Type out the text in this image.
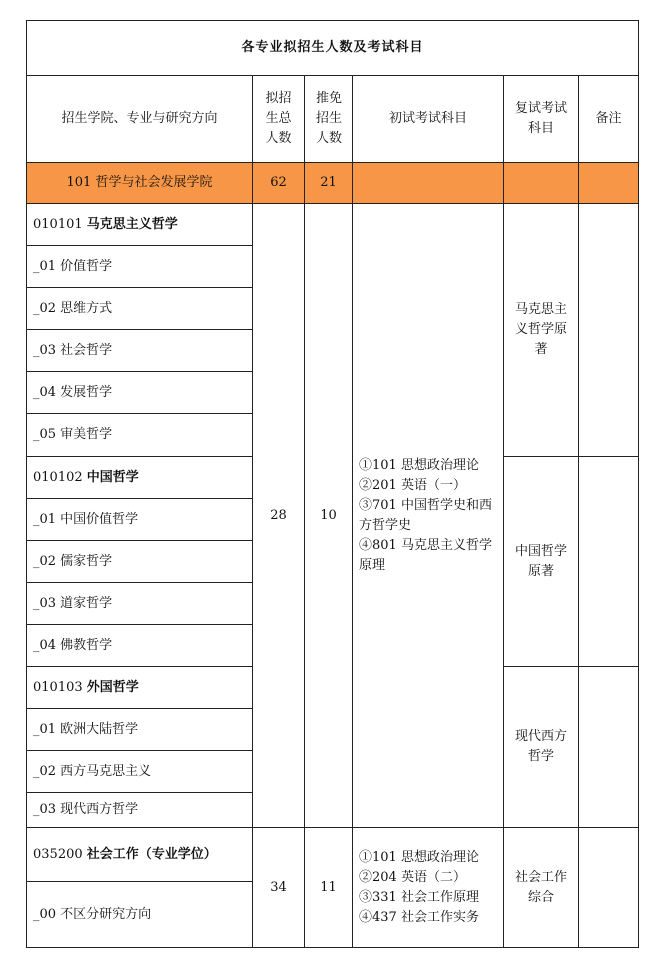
各专业拟招生人数及考试科目					
招生学院、专业与研究方向	拟招生总人数	推免招生人数	初试考试科目	复试考试科目	备注
101 哲学与社会发展学院	62	21			
010101 马克思主义哲学	28	10	①101 思想政治理论
②201 英语（一）
③701 中国哲学史和西方哲学史
④801 马克思主义哲学原理	马克思主义哲学原著	
_01 价值哲学					
_02 思维方式					
_03 社会哲学					
_04 发展哲学					
_05 审美哲学					
010102 中国哲学				中国哲学原著	
_01 中国价值哲学					
_02 儒家哲学					
_03 道家哲学					
_04 佛教哲学					
010103 外国哲学				现代西方哲学	
_01 欧洲大陆哲学					
_02 西方马克思主义					
_03 现代西方哲学					
035200 社会工作（专业学位）	34	11	①101 思想政治理论
②204 英语（二）
③331 社会工作原理
④437 社会工作实务	社会工作综合	
_00 不区分研究方向					
